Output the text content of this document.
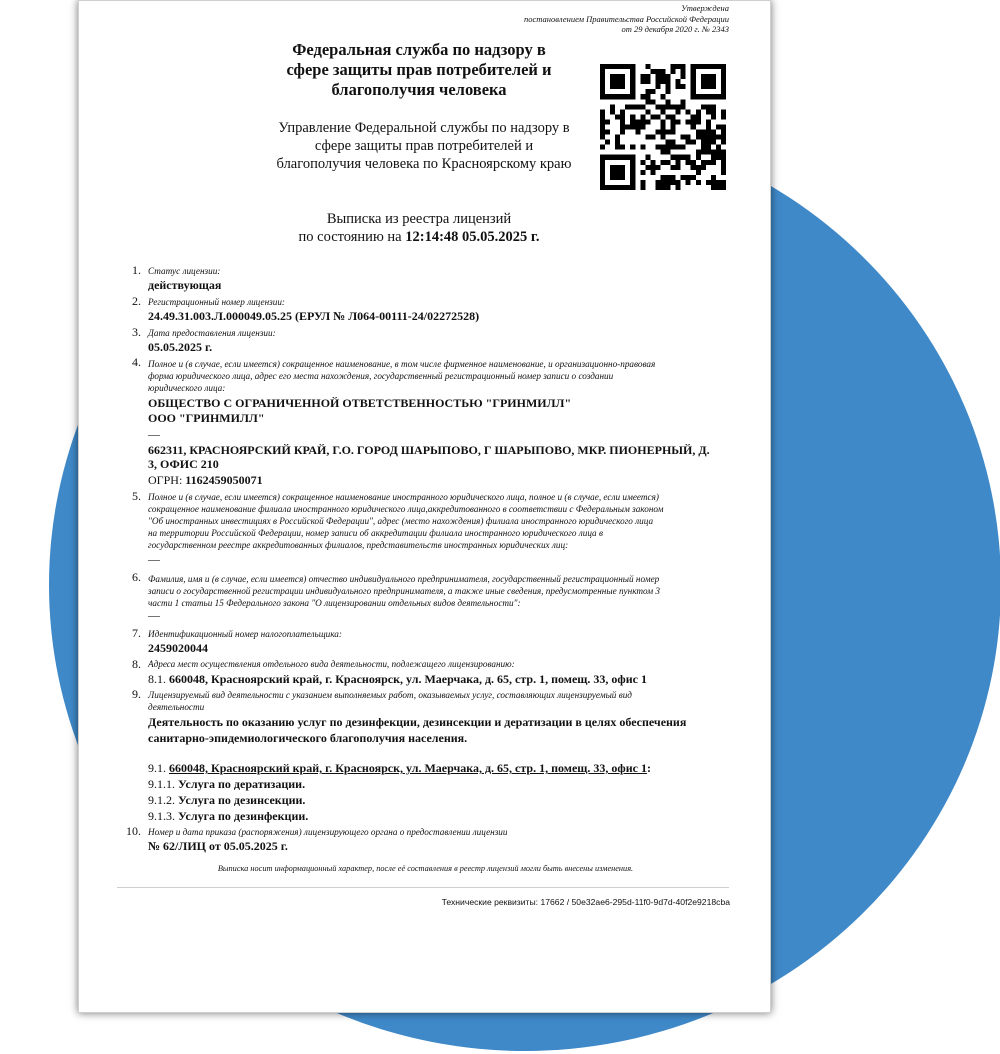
Утверждена
постановлением Правительства Российской Федерации
от 29 декабря 2020 г. № 2343
Федеральная служба по надзору в
сфере защиты прав потребителей и
благополучия человека
Управление Федеральной службы по надзору в
сфере защиты прав потребителей и
благополучия человека по Красноярскому краю
Выписка из реестра лицензий
по состоянию на 12:14:48 05.05.2025 г.
1. Статус лицензии:
действующая
2. Регистрационный номер лицензии:
24.49.31.003.Л.000049.05.25 (ЕРУЛ № Л064-00111-24/02272528)
3. Дата предоставления лицензии:
05.05.2025 г.
4. Полное и (в случае, если имеется) сокращенное наименование, в том числе фирменное наименование, и организационно-правовая
форма юридического лица, адрес его места нахождения, государственный регистрационный номер записи о создании
юридического лица:
ОБЩЕСТВО С ОГРАНИЧЕННОЙ ОТВЕТСТВЕННОСТЬЮ "ГРИНМИЛЛ"
ООО "ГРИНМИЛЛ"
—
662311, КРАСНОЯРСКИЙ КРАЙ, Г.О. ГОРОД ШАРЫПОВО, Г ШАРЫПОВО, МКР. ПИОНЕРНЫЙ, Д.
3, ОФИС 210
ОГРН: 1162459050071
5. Полное и (в случае, если имеется) сокращенное наименование иностранного юридического лица, полное и (в случае, если имеется)
сокращенное наименование филиала иностранного юридического лица,аккредитованного в соответствии с Федеральным законом
"Об иностранных инвестициях в Российской Федерации", адрес (место нахождения) филиала иностранного юридического лица
на территории Российской Федерации, номер записи об аккредитации филиала иностранного юридического лица в
государственном реестре аккредитованных филиалов, представительств иностранных юридических лиц:
—
6. Фамилия, имя и (в случае, если имеется) отчество индивидуального предпринимателя, государственный регистрационный номер
записи о государственной регистрации индивидуального предпринимателя, а также иные сведения, предусмотренные пунктом 3
части 1 статьи 15 Федерального закона "О лицензировании отдельных видов деятельности":
—
7. Идентификационный номер налогоплательщика:
2459020044
8. Адреса мест осуществления отдельного вида деятельности, подлежащего лицензированию:
8.1. 660048, Красноярский край, г. Красноярск, ул. Маерчака, д. 65, стр. 1, помещ. 33, офис 1
9. Лицензируемый вид деятельности с указанием выполняемых работ, оказываемых услуг, составляющих лицензируемый вид
деятельности
Деятельность по оказанию услуг по дезинфекции, дезинсекции и дератизации в целях обеспечения
санитарно-эпидемиологического благополучия населения.
9.1. 660048, Красноярский край, г. Красноярск, ул. Маерчака, д. 65, стр. 1, помещ. 33, офис 1:
9.1.1. Услуга по дератизации.
9.1.2. Услуга по дезинсекции.
9.1.3. Услуга по дезинфекции.
10. Номер и дата приказа (распоряжения) лицензирующего органа о предоставлении лицензии
№ 62/ЛИЦ от 05.05.2025 г.
Выписка носит информационный характер, после её составления в реестр лицензий могли быть внесены изменения.
Технические реквизиты: 17662 / 50e32ae6-295d-11f0-9d7d-40f2e9218cba
